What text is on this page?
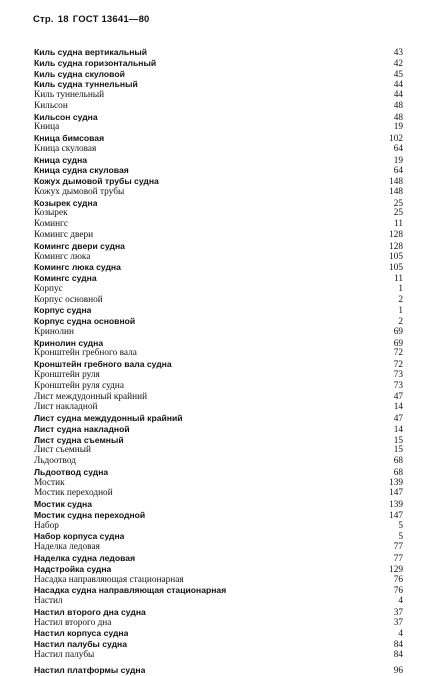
Стр. 18 ГОСТ 13641—80
Киль судна вертикальный	43
Киль судна горизонтальный	42
Киль судна скуловой	45
Киль судна туннельный	44
Киль туннельный	44
Кильсон	48
Кильсон судна	48
Кница	19
Кница бимсовая	102
Кница скуловая	64
Кница судна	19
Кница судна скуловая	64
Кожух дымовой трубы судна	148
Кожух дымовой трубы	148
Козырек судна	25
Козырек	25
Комингс	11
Комингс двери	128
Комингс двери судна	128
Комингс люка	105
Комингс люка судна	105
Комингс судна	11
Корпус	1
Корпус основной	2
Корпус судна	1
Корпус судна основной	2
Кринолин	69
Кринолин судна	69
Кронштейн гребного вала	72
Кронштейн гребного вала судна	72
Кронштейн руля	73
Кронштейн руля судна	73
Лист междудонный крайний	47
Лист накладной	14
Лист судна междудонный крайний	47
Лист судна накладной	14
Лист судна съемный	15
Лист съемный	15
Льдоотвод	68
Льдоотвод судна	68
Мостик	139
Мостик переходной	147
Мостик судна	139
Мостик судна переходной	147
Набор	5
Набор корпуса судна	5
Наделка ледовая	77
Наделка судна ледовая	77
Надстройка судна	129
Насадка направляющая стационарная	76
Насадка судна направляющая стационарная	76
Настил	4
Настил второго дна судна	37
Настил второго дна	37
Настил корпуса судна	4
Настил палубы судна	84
Настил палубы	84
Настил платформы судна	96
